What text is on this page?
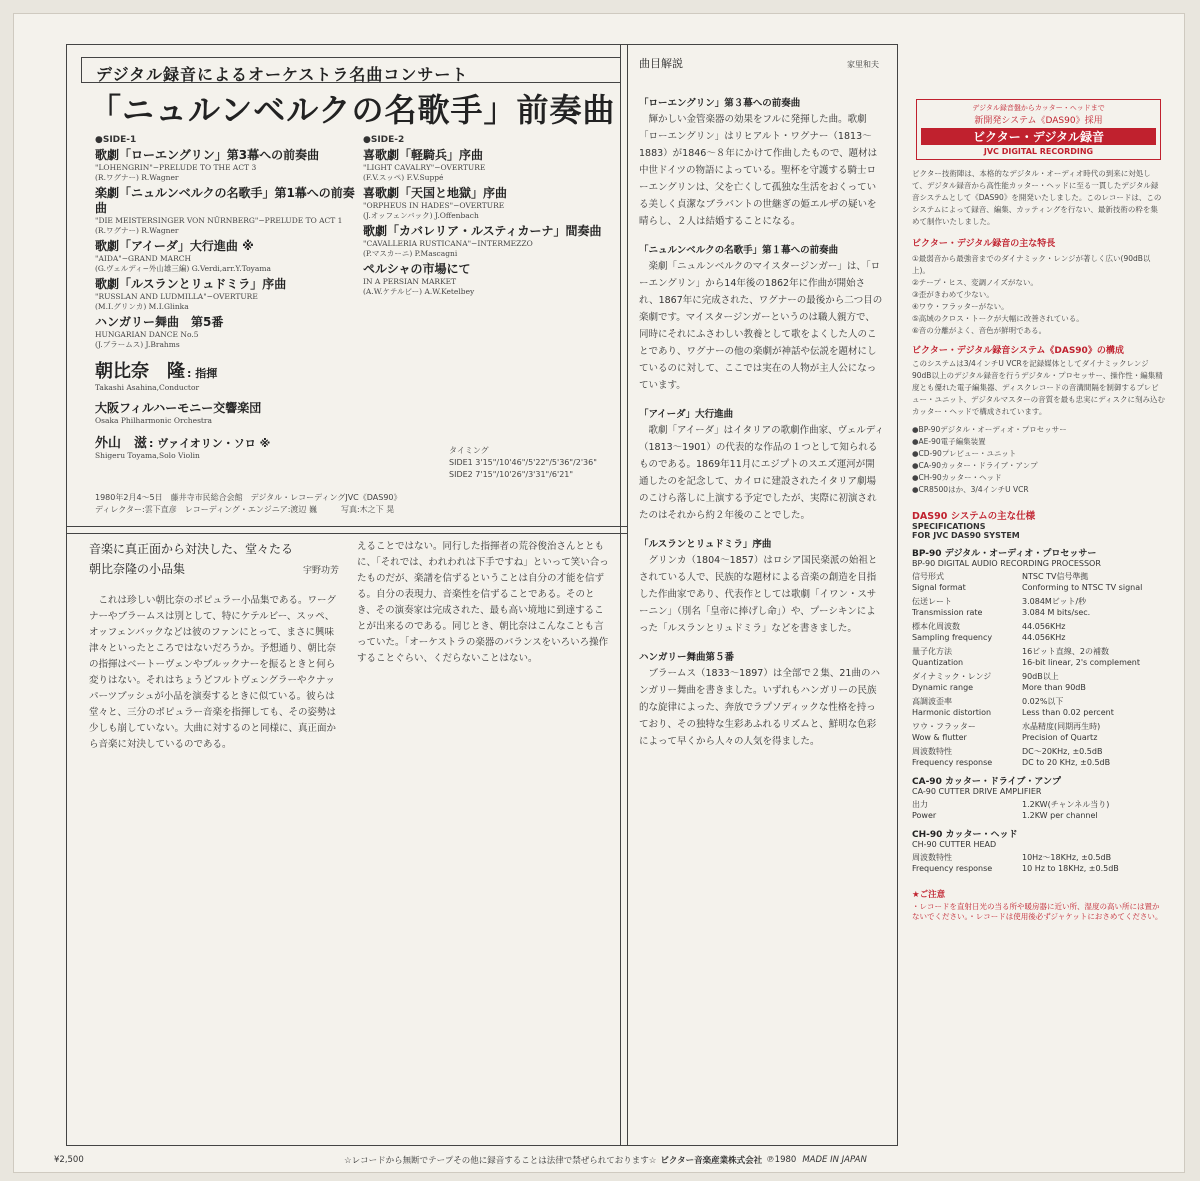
デジタル録音によるオーケストラ名曲コンサート
「ニュルンベルクの名歌手」前奏曲
●SIDE-1
歌劇「ローエングリン」第3幕への前奏曲
"LOHENGRIN"−PRELUDE TO THE ACT 3
(R.ワグナー) R.Wagner
楽劇「ニュルンベルクの名歌手」第1幕への前奏曲
"DIE MEISTERSINGER VON NÜRNBERG"−PRELUDE TO ACT 1
(R.ワグナー) R.Wagner
歌劇「アイーダ」大行進曲 ※
"AIDA"−GRAND MARCH
(G.ヴェルディ−外山雄三編) G.Verdi,arr.Y.Toyama
歌劇「ルスランとリュドミラ」序曲
"RUSSLAN AND LUDMILLA"−OVERTURE
(M.I.グリンカ) M.I.Glinka
ハンガリー舞曲　第5番
HUNGARIAN DANCE No.5
(J.ブラームス) J.Brahms
●SIDE-2
喜歌劇「軽騎兵」序曲
"LIGHT CAVALRY"−OVERTURE
(F.V.スッペ) F.V.Suppé
喜歌劇「天国と地獄」序曲
"ORPHEUS IN HADES"−OVERTURE
(J.オッフェンバック) J.Offenbach
歌劇「カバレリア・ルスティカーナ」間奏曲
"CAVALLERIA RUSTICANA"−INTERMEZZO
(P.マスカーニ) P.Mascagni
ペルシャの市場にて
IN A PERSIAN MARKET
(A.W.ケテルビー) A.W.Ketelbey
朝比奈　隆 : 指揮
Takashi Asahina,Conductor
大阪フィルハーモニー交響楽団
Osaka Philharmonic Orchestra
外山　滋 : ヴァイオリン・ソロ ※
Shigeru Toyama,Solo Violin
タイミング
SIDE1 3'15"/10'46"/5'22"/5'36"/2'36"
SIDE2 7'15"/10'26"/3'31"/6'21"
1980年2月4〜5日　藤井寺市民総合会館　デジタル・レコーディングJVC《DAS90》
ディレクター:雲下直彦　レコーディング・エンジニア:渡辺 巍　　　写真:木之下 晃
音楽に真正面から対決した、堂々たる
朝比奈隆の小品集	宇野功芳

これは珍しい朝比奈のポピュラー小品集である。ワーグナーやブラームスは別として、特にケテルビー、スッペ、オッフェンバックなどは彼のファンにとって、まさに興味津々といったところではないだろうか。予想通り、朝比奈の指揮はベートーヴェンやブルックナーを振るときと何ら変りはない。それはちょうどフルトヴェングラーやクナッパーツブッシュが小品を演奏するときに似ている。彼らは堂々と、三分のポピュラー音楽を指揮しても、その姿勢は少しも崩していない。大曲に対するのと同様に、真正面から音楽に対決しているのである。

えることではない。同行した指揮者の荒谷俊治さんとともに、「それでは、われわれは下手ですね」といって笑い合ったものだが、楽譜を信ずるということは自分の才能を信ずる。自分の表現力、音楽性を信ずることである。そのとき、その演奏家は完成された、最も高い境地に到達することが出来るのである。同じとき、朝比奈はこんなことも言っていた。「オーケストラの楽器のバランスをいろいろ操作することぐらい、くだらないことはない。

曲目解説	家里和夫
「ローエングリン」第３幕への前奏曲

輝かしい金管楽器の効果をフルに発揮した曲。歌劇「ローエングリン」はリヒアルト・ワグナー（1813〜1883）が1846〜８年にかけて作曲したもので、題材は中世ドイツの物語によっている。聖杯を守護する騎士ローエングリンは、父を亡くして孤独な生活をおくっている美しく貞潔なブラバントの世継ぎの姫エルザの疑いを晴らし、２人は結婚することになる。

「ニュルンベルクの名歌手」第１幕への前奏曲

楽劇「ニュルンベルクのマイスタージンガー」は、「ローエングリン」から14年後の1862年に作曲が開始され、1867年に完成された、ワグナーの最後から二つ目の楽劇です。マイスタージンガーというのは職人親方で、同時にそれにふさわしい教養として歌をよくした人のことであり、ワグナーの他の楽劇が神話や伝説を題材にしているのに対して、ここでは実在の人物が主人公になっています。

「アイーダ」大行進曲

歌劇「アイーダ」はイタリアの歌劇作曲家、ヴェルディ（1813〜1901）の代表的な作品の１つとして知られるものである。1869年11月にエジプトのスエズ運河が開通したのを記念して、カイロに建設されたイタリア劇場のこけら落しに上演する予定でしたが、実際に初演されたのはそれから約２年後のことでした。

「ルスランとリュドミラ」序曲

グリンカ（1804〜1857）はロシア国民楽派の始祖とされている人で、民族的な題材による音楽の創造を目指した作曲家であり、代表作としては歌劇「イワン・スサーニン」（別名「皇帝に捧げし命」）や、プーシキンによった「ルスランとリュドミラ」などを書きました。

ハンガリー舞曲第５番

ブラームス（1833〜1897）は全部で２集、21曲のハンガリー舞曲を書きました。いずれもハンガリーの民族的な旋律によった、奔放でラプソディックな性格を持っており、その独特な生彩あふれるリズムと、鮮明な色彩によって早くから人々の人気を得ました。

デジタル録音盤からカッター・ヘッドまで
新開発システム《DAS90》採用
ビクター・デジタル録音
JVC DIGITAL RECORDING

ビクター技術陣は、本格的なデジタル・オーディオ時代の到来に対処して、デジタル録音から高性能カッター・ヘッドに至る一貫したデジタル録音システムとして《DAS90》を開発いたしました。このレコードは、このシステムによって録音、編集、カッティングを行ない、最新技術の粋を集めて制作いたしました。

ビクター・デジタル録音の主な特長
①最弱音から最強音までのダイナミック・レンジが著しく広い(90dB以上)。
②テープ・ヒス、変調ノイズがない。
③歪がきわめて少ない。
④ワウ・フラッターがない。
⑤高域のクロス・トークが大幅に改善されている。
⑥音の分離がよく、音色が鮮明である。
ビクター・デジタル録音システム《DAS90》の構成

このシステムは3/4インチU VCRを記録媒体としてダイナミックレンジ90dB以上のデジタル録音を行うデジタル・プロセッサー、操作性・編集精度とも優れた電子編集器、ディスクレコードの音溝間隔を制御するプレビュー・ユニット、デジタルマスターの音質を最も忠実にディスクに刻み込むカッター・ヘッドで構成されています。

●BP-90デジタル・オーディオ・プロセッサー
●AE-90電子編集装置
●CD-90プレビュー・ユニット
●CA-90カッター・ドライブ・アンプ
●CH-90カッター・ヘッド
●CR8500はか、3/4インチU VCR
DAS90 システムの主な仕様
SPECIFICATIONS
FOR JVC DAS90 SYSTEM
BP-90 デジタル・オーディオ・プロセッサー
BP-90 DIGITAL AUDIO RECORDING PROCESSOR
信号形式	NTSC TV信号準拠
Signal format	Conforming to NTSC TV signal
伝送レート	3.084Mビット/秒
Transmission rate	3.084 M bits/sec.
標本化周波数	44.056KHz
Sampling frequency	44.056KHz
量子化方法	16ビット直線、2の補数
Quantization	16-bit linear, 2's complement
ダイナミック・レンジ	90dB以上
Dynamic range	More than 90dB
高調波歪率	0.02%以下
Harmonic distortion	Less than 0.02 percent
ワウ・フラッター	水晶精度(同期再生時)
Wow & flutter	Precision of Quartz
周波数特性	DC〜20KHz, ±0.5dB
Frequency response	DC to 20 KHz, ±0.5dB
CA-90 カッター・ドライブ・アンプ
CA-90 CUTTER DRIVE AMPLIFIER
出力	1.2KW(チャンネル当り)
Power	1.2KW per channel
CH-90 カッター・ヘッド
CH-90 CUTTER HEAD
周波数特性	10Hz〜18KHz, ±0.5dB
Frequency response	10 Hz to 18KHz, ±0.5dB
★ご注意

・レコードを直射日光の当る所や暖房器に近い所、湿度の高い所には置かないでください。・レコードは使用後必ずジャケットにおさめてください。

¥2,500	☆レコードから無断でテープその他に録音することは法律で禁ぜられております☆ ビクター音楽産業株式会社 ℗1980 MADE IN JAPAN
